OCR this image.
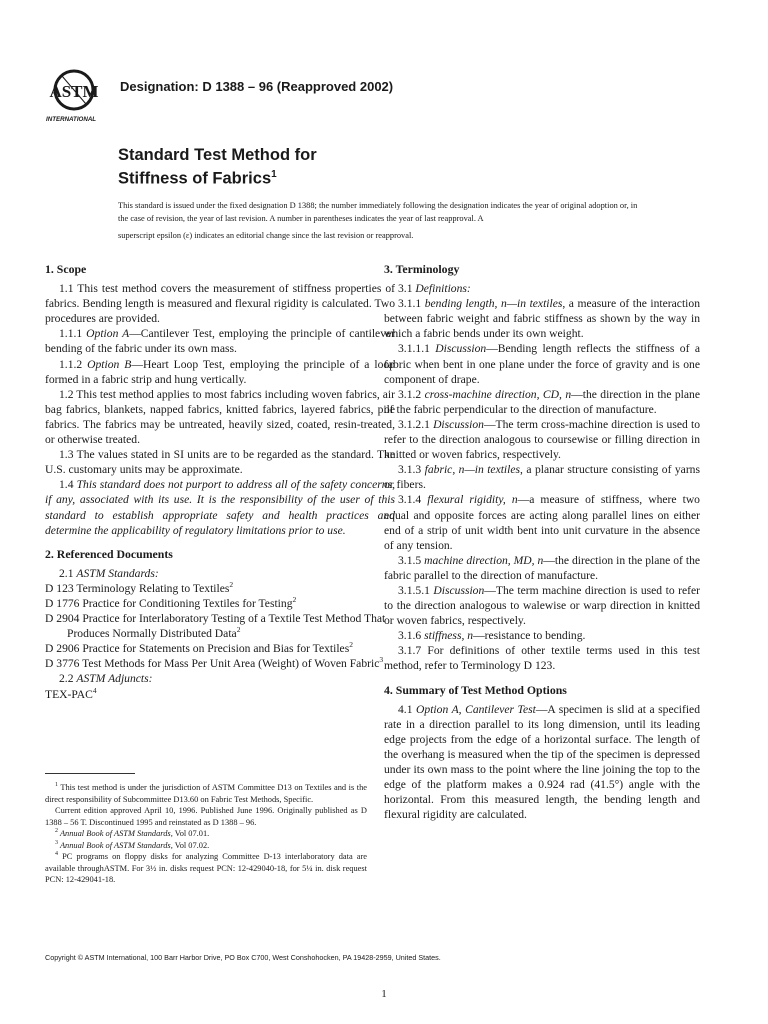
ASTM
INTERNATIONAL
Designation: D 1388 – 96 (Reapproved 2002)
Standard Test Method for
Stiffness of Fabrics$^1$

This standard is issued under the fixed designation D 1388; the number immediately following the designation indicates the year of original adoption or, in the case of revision, the year of last revision. A number in parentheses indicates the year of last reapproval. A

superscript epsilon (ε) indicates an editorial change since the last revision or reapproval.

1. Scope

1.1 This test method covers the measurement of stiffness properties of fabrics. Bending length is measured and flexural rigidity is calculated. Two procedures are provided.

1.1.1 Option A—Cantilever Test, employing the principle of cantilever bending of the fabric under its own mass.

1.1.2 Option B—Heart Loop Test, employing the principle of a loop formed in a fabric strip and hung vertically.

1.2 This test method applies to most fabrics including woven fabrics, air bag fabrics, blankets, napped fabrics, knitted fabrics, layered fabrics, pile fabrics. The fabrics may be untreated, heavily sized, coated, resin-treated, or otherwise treated.

1.3 The values stated in SI units are to be regarded as the standard. The U.S. customary units may be approximate.

1.4 This standard does not purport to address all of the safety concerns, if any, associated with its use. It is the responsibility of the user of this standard to establish appropriate safety and health practices and determine the applicability of regulatory limitations prior to use.

2. Referenced Documents

2.1 ASTM Standards:

D 123 Terminology Relating to Textiles$^2$

D 1776 Practice for Conditioning Textiles for Testing$^2$

D 2904 Practice for Interlaboratory Testing of a Textile Test Method That Produces Normally Distributed Data$^2$

D 2906 Practice for Statements on Precision and Bias for Textiles$^2$

D 3776 Test Methods for Mass Per Unit Area (Weight) of Woven Fabric$^3$

2.2 ASTM Adjuncts:

TEX-PAC$^4$

3. Terminology

3.1 Definitions:

3.1.1 bending length, n—in textiles, a measure of the interaction between fabric weight and fabric stiffness as shown by the way in which a fabric bends under its own weight.

3.1.1.1 Discussion—Bending length reflects the stiffness of a fabric when bent in one plane under the force of gravity and is one component of drape.

3.1.2 cross-machine direction, CD, n—the direction in the plane of the fabric perpendicular to the direction of manufacture.

3.1.2.1 Discussion—The term cross-machine direction is used to refer to the direction analogous to coursewise or filling direction in knitted or woven fabrics, respectively.

3.1.3 fabric, n—in textiles, a planar structure consisting of yarns or fibers.

3.1.4 flexural rigidity, n—a measure of stiffness, where two equal and opposite forces are acting along parallel lines on either end of a strip of unit width bent into unit curvature in the absence of any tension.

3.1.5 machine direction, MD, n—the direction in the plane of the fabric parallel to the direction of manufacture.

3.1.5.1 Discussion—The term machine direction is used to refer to the direction analogous to walewise or warp direction in knitted or woven fabrics, respectively.

3.1.6 stiffness, n—resistance to bending.

3.1.7 For definitions of other textile terms used in this test method, refer to Terminology D 123.

4. Summary of Test Method Options

4.1 Option A, Cantilever Test—A specimen is slid at a specified rate in a direction parallel to its long dimension, until its leading edge projects from the edge of a horizontal surface. The length of the overhang is measured when the tip of the specimen is depressed under its own mass to the point where the line joining the top to the edge of the platform makes a 0.924 rad (41.5°) angle with the horizontal. From this measured length, the bending length and flexural rigidity are calculated.

$^1$ This test method is under the jurisdiction of ASTM Committee D13 on Textiles and is the direct responsibility of Subcommittee D13.60 on Fabric Test Methods, Specific.

Current edition approved April 10, 1996. Published June 1996. Originally published as D 1388 – 56 T. Discontinued 1995 and reinstated as D 1388 – 96.

$^2$ Annual Book of ASTM Standards, Vol 07.01.

$^3$ Annual Book of ASTM Standards, Vol 07.02.

$^4$ PC programs on floppy disks for analyzing Committee D-13 interlaboratory data are available throughASTM. For 3½ in. disks request PCN: 12-429040-18, for 5¼ in. disk request PCN: 12-429041-18.

Copyright © ASTM International, 100 Barr Harbor Drive, PO Box C700, West Conshohocken, PA 19428-2959, United States.
1
